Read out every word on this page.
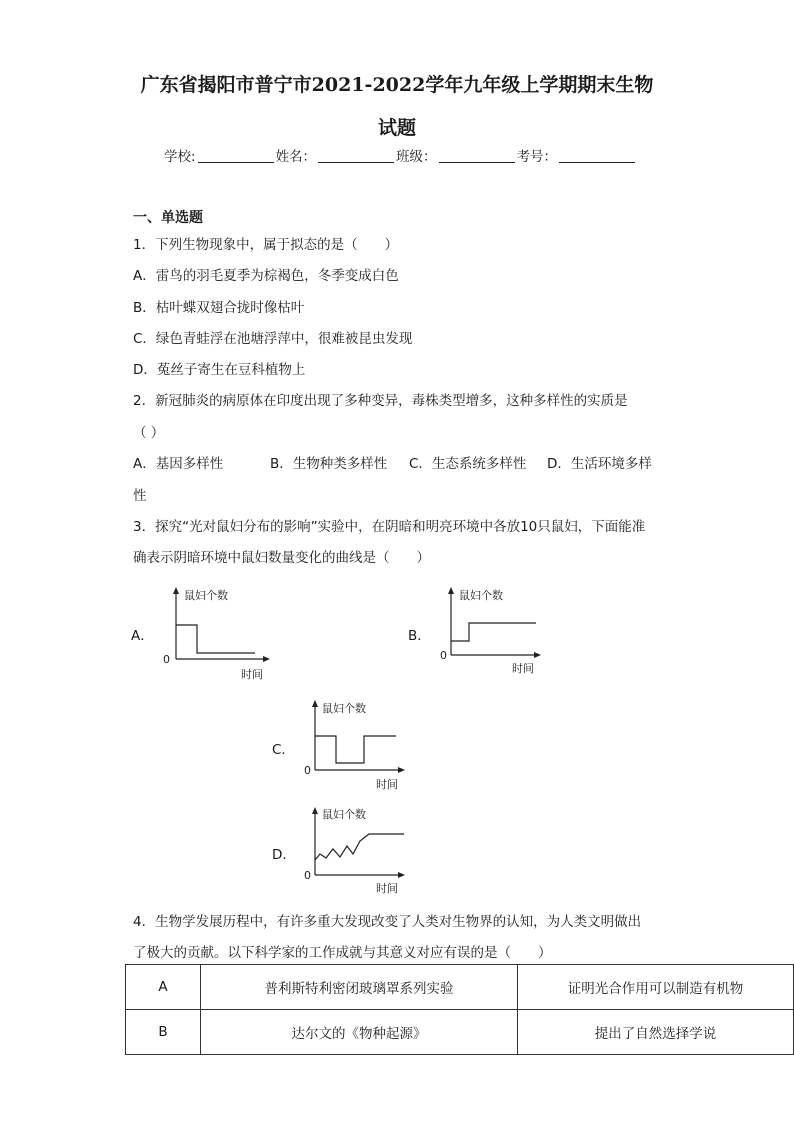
广东省揭阳市普宁市2021-2022学年九年级上学期期末生物
试题
学校:	姓名：	班级：	考号：
一、单选题
1．下列生物现象中，属于拟态的是（　　）
A．雷鸟的羽毛夏季为棕褐色，冬季变成白色
B．枯叶蝶双翅合拢时像枯叶
C．绿色青蛙浮在池塘浮萍中，很难被昆虫发现
D．菟丝子寄生在豆科植物上
2．新冠肺炎的病原体在印度出现了多种变异，毒株类型增多，这种多样性的实质是
（ ）
A．基因多样性	B．生物种类多样性 C．生态系统多样性 D．生活环境多样
性
3．探究“光对鼠妇分布的影响”实验中，在阴暗和明亮环境中各放10只鼠妇，下面能准
确表示阴暗环境中鼠妇数量变化的曲线是（　　）
A．
鼠妇个数
0
时间
B．
鼠妇个数
0
时间
C．
鼠妇个数
0
时间
D．
鼠妇个数
0
时间
4．生物学发展历程中，有许多重大发现改变了人类对生物界的认知，为人类文明做出
了极大的贡献。以下科学家的工作成就与其意义对应有误的是（　　）
A	普利斯特利密闭玻璃罩系列实验	证明光合作用可以制造有机物
B	达尔文的《物种起源》	提出了自然选择学说
